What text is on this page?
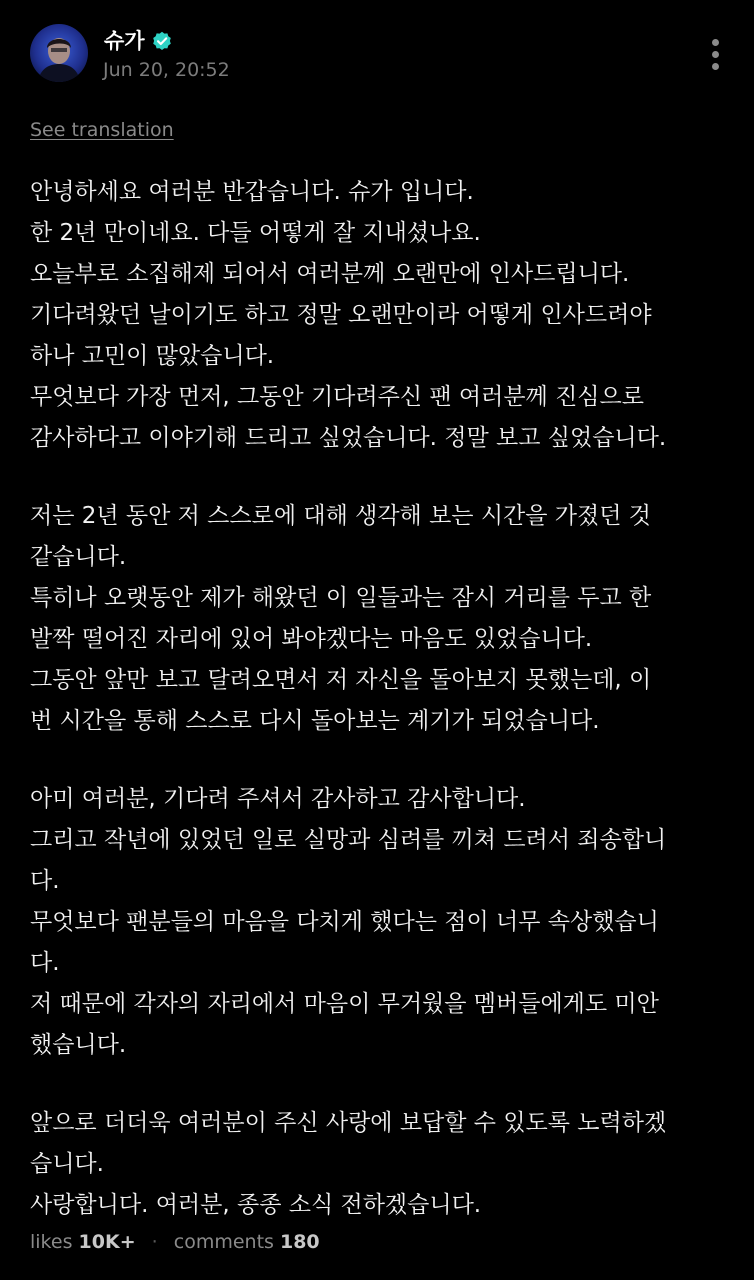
슈가
Jun 20, 20:52
See translation
안녕하세요 여러분 반갑습니다. 슈가 입니다.
한 2년 만이네요. 다들 어떻게 잘 지내셨나요.
오늘부로 소집해제 되어서 여러분께 오랜만에 인사드립니다.
기다려왔던 날이기도 하고 정말 오랜만이라 어떻게 인사드려야
하나 고민이 많았습니다.
무엇보다 가장 먼저, 그동안 기다려주신 팬 여러분께 진심으로
감사하다고 이야기해 드리고 싶었습니다. 정말 보고 싶었습니다.
저는 2년 동안 저 스스로에 대해 생각해 보는 시간을 가졌던 것
같습니다.
특히나 오랫동안 제가 해왔던 이 일들과는 잠시 거리를 두고 한
발짝 떨어진 자리에 있어 봐야겠다는 마음도 있었습니다.
그동안 앞만 보고 달려오면서 저 자신을 돌아보지 못했는데, 이
번 시간을 통해 스스로 다시 돌아보는 계기가 되었습니다.
아미 여러분, 기다려 주셔서 감사하고 감사합니다.
그리고 작년에 있었던 일로 실망과 심려를 끼쳐 드려서 죄송합니
다.
무엇보다 팬분들의 마음을 다치게 했다는 점이 너무 속상했습니
다.
저 때문에 각자의 자리에서 마음이 무거웠을 멤버들에게도 미안
했습니다.
앞으로 더더욱 여러분이 주신 사랑에 보답할 수 있도록 노력하겠
습니다.
사랑합니다. 여러분, 종종 소식 전하겠습니다.
likes 10K+ · comments 180
